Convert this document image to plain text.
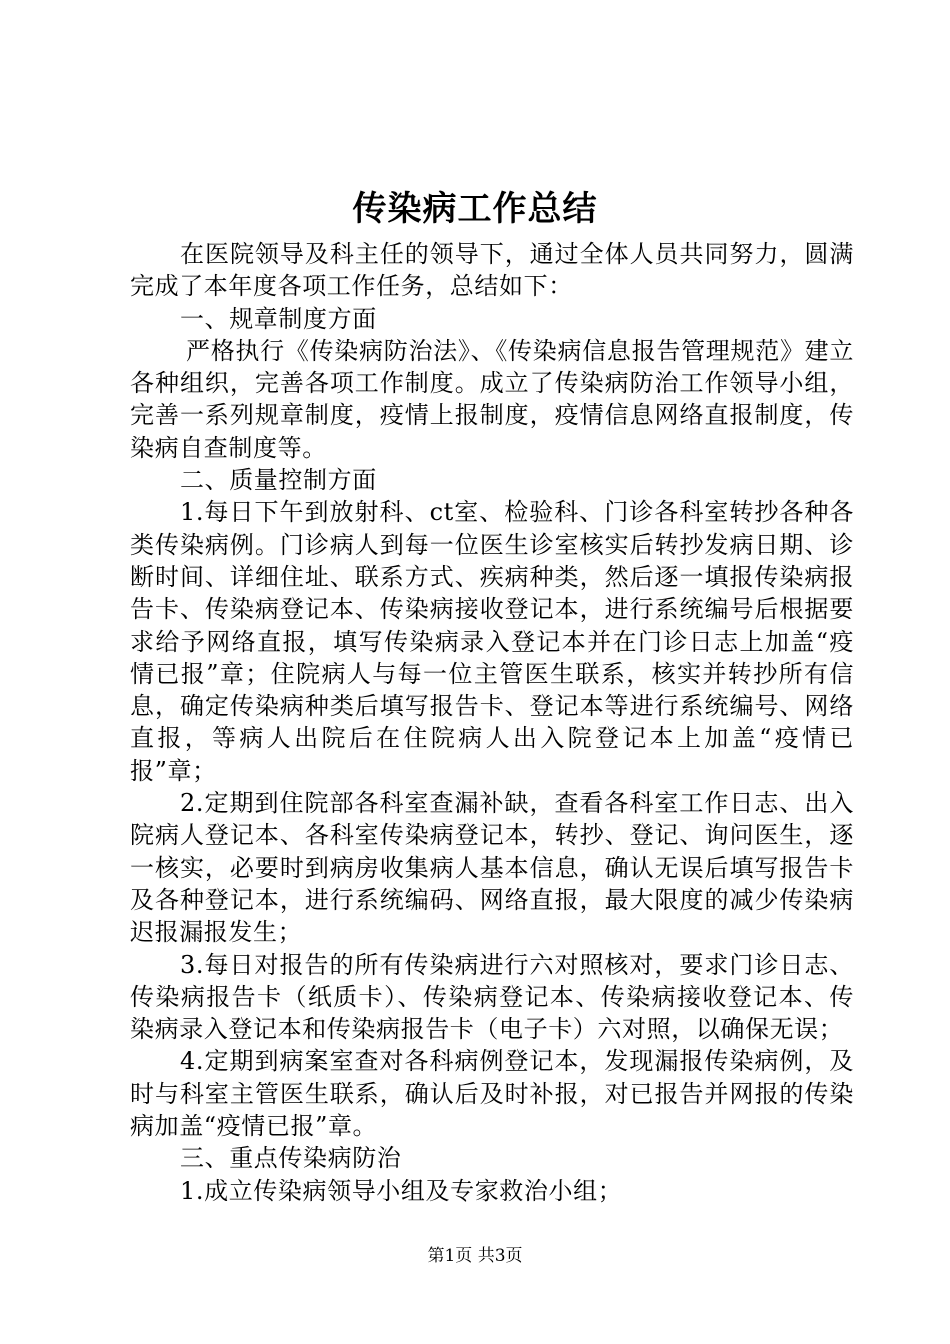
传染病工作总结

在医院领导及科主任的领导下，通过全体人员共同努力，圆满完成了本年度各项工作任务，总结如下：

一、规章制度方面

严格执行《传染病防治法》、《传染病信息报告管理规范》建立各种组织，完善各项工作制度。成立了传染病防治工作领导小组，完善一系列规章制度，疫情上报制度，疫情信息网络直报制度，传染病自查制度等。

二、质量控制方面

1.每日下午到放射科、ct室、检验科、门诊各科室转抄各种各类传染病例。门诊病人到每一位医生诊室核实后转抄发病日期、诊断时间、详细住址、联系方式、疾病种类，然后逐一填报传染病报告卡、传染病登记本、传染病接收登记本，进行系统编号后根据要求给予网络直报，填写传染病录入登记本并在门诊日志上加盖“疫情已报”章；住院病人与每一位主管医生联系，核实并转抄所有信息，确定传染病种类后填写报告卡、登记本等进行系统编号、网络直报，等病人出院后在住院病人出入院登记本上加盖“疫情已报”章；

2.定期到住院部各科室查漏补缺，查看各科室工作日志、出入院病人登记本、各科室传染病登记本，转抄、登记、询问医生，逐一核实，必要时到病房收集病人基本信息，确认无误后填写报告卡及各种登记本，进行系统编码、网络直报，最大限度的减少传染病迟报漏报发生；

3.每日对报告的所有传染病进行六对照核对，要求门诊日志、传染病报告卡（纸质卡）、传染病登记本、传染病接收登记本、传染病录入登记本和传染病报告卡（电子卡）六对照，以确保无误；

4.定期到病案室查对各科病例登记本，发现漏报传染病例，及时与科室主管医生联系，确认后及时补报，对已报告并网报的传染病加盖“疫情已报”章。

三、重点传染病防治

1.成立传染病领导小组及专家救治小组；

第1页 共3页
